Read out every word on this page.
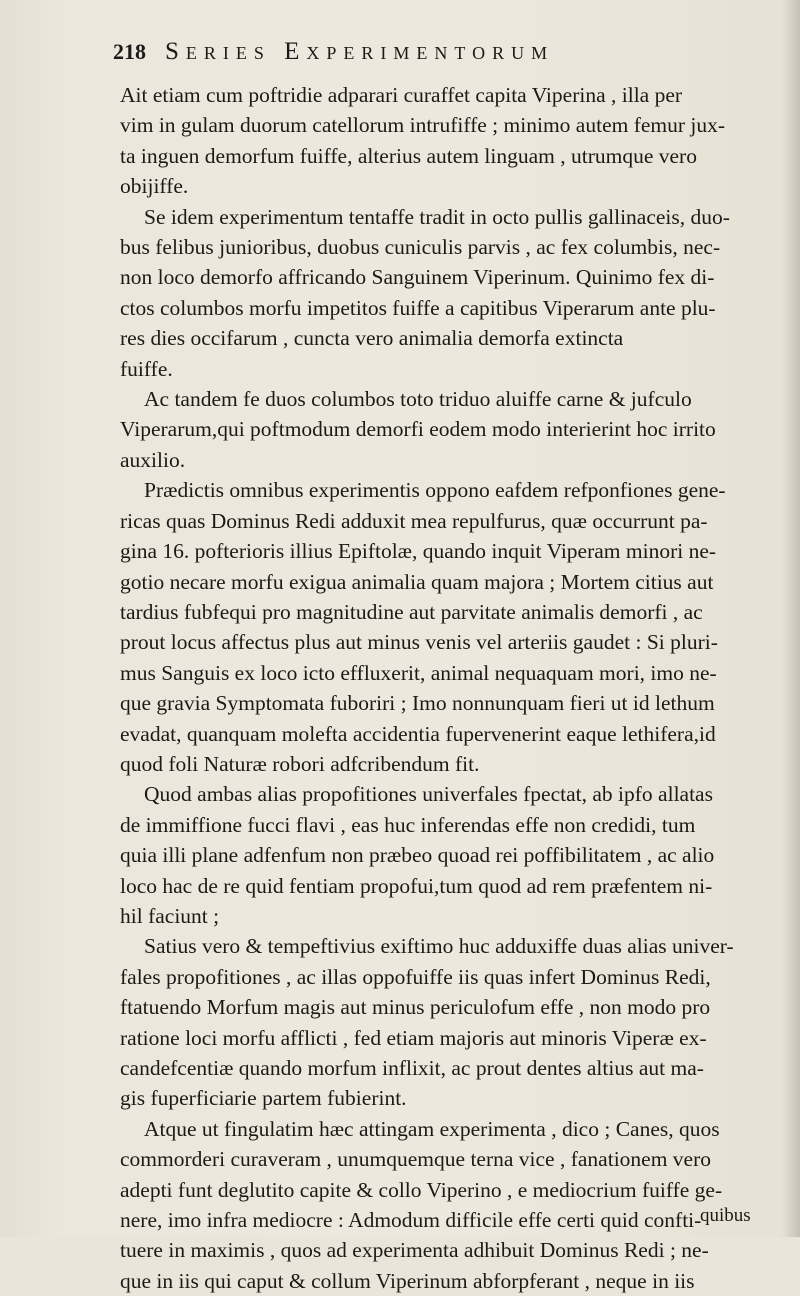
218 Series Experimentorum
Ait etiam cum poftridie adparari curaffet capita Viperina , illa per
vim in gulam duorum catellorum intrufiffe ; minimo autem femur jux-
ta inguen demorfum fuiffe, alterius autem linguam , utrumque vero
obijiffe.
Se idem experimentum tentaffe tradit in octo pullis gallinaceis, duo-
bus felibus junioribus, duobus cuniculis parvis , ac fex columbis, nec-
non loco demorfo affricando Sanguinem Viperinum. Quinimo fex di-
ctos columbos morfu impetitos fuiffe a capitibus Viperarum ante plu-
res dies occifarum , cuncta vero animalia demorfa extincta
fuiffe.
Ac tandem fe duos columbos toto triduo aluiffe carne & jufculo
Viperarum,qui poftmodum demorfi eodem modo interierint hoc irrito
auxilio.
Prædictis omnibus experimentis oppono eafdem refponfiones gene-
ricas quas Dominus Redi adduxit mea repulfurus, quæ occurrunt pa-
gina 16. pofterioris illius Epiftolæ, quando inquit Viperam minori ne-
gotio necare morfu exigua animalia quam majora ; Mortem citius aut
tardius fubfequi pro magnitudine aut parvitate animalis demorfi , ac
prout locus affectus plus aut minus venis vel arteriis gaudet : Si pluri-
mus Sanguis ex loco icto effluxerit, animal nequaquam mori, imo ne-
que gravia Symptomata fuboriri ; Imo nonnunquam fieri ut id lethum
evadat, quanquam molefta accidentia fupervenerint eaque lethifera,id
quod foli Naturæ robori adfcribendum fit.
Quod ambas alias propofitiones univerfales fpectat, ab ipfo allatas
de immiffione fucci flavi , eas huc inferendas effe non credidi, tum
quia illi plane adfenfum non præbeo quoad rei poffibilitatem , ac alio
loco hac de re quid fentiam propofui,tum quod ad rem præfentem ni-
hil faciunt ;
Satius vero & tempeftivius exiftimo huc adduxiffe duas alias univer-
fales propofitiones , ac illas oppofuiffe iis quas infert Dominus Redi,
ftatuendo Morfum magis aut minus periculofum effe , non modo pro
ratione loci morfu afflicti , fed etiam majoris aut minoris Viperæ ex-
candefcentiæ quando morfum inflixit, ac prout dentes altius aut ma-
gis fuperficiarie partem fubierint.
Atque ut fingulatim hæc attingam experimenta , dico ; Canes, quos
commorderi curaveram , unumquemque terna vice , fanationem vero
adepti funt deglutito capite & collo Viperino , e mediocrium fuiffe ge-
nere, imo infra mediocre : Admodum difficile effe certi quid confti-
tuere in maximis , quos ad experimenta adhibuit Dominus Redi ; ne-
que in iis qui caput & collum Viperinum abforpferant , neque in iis
quibus
